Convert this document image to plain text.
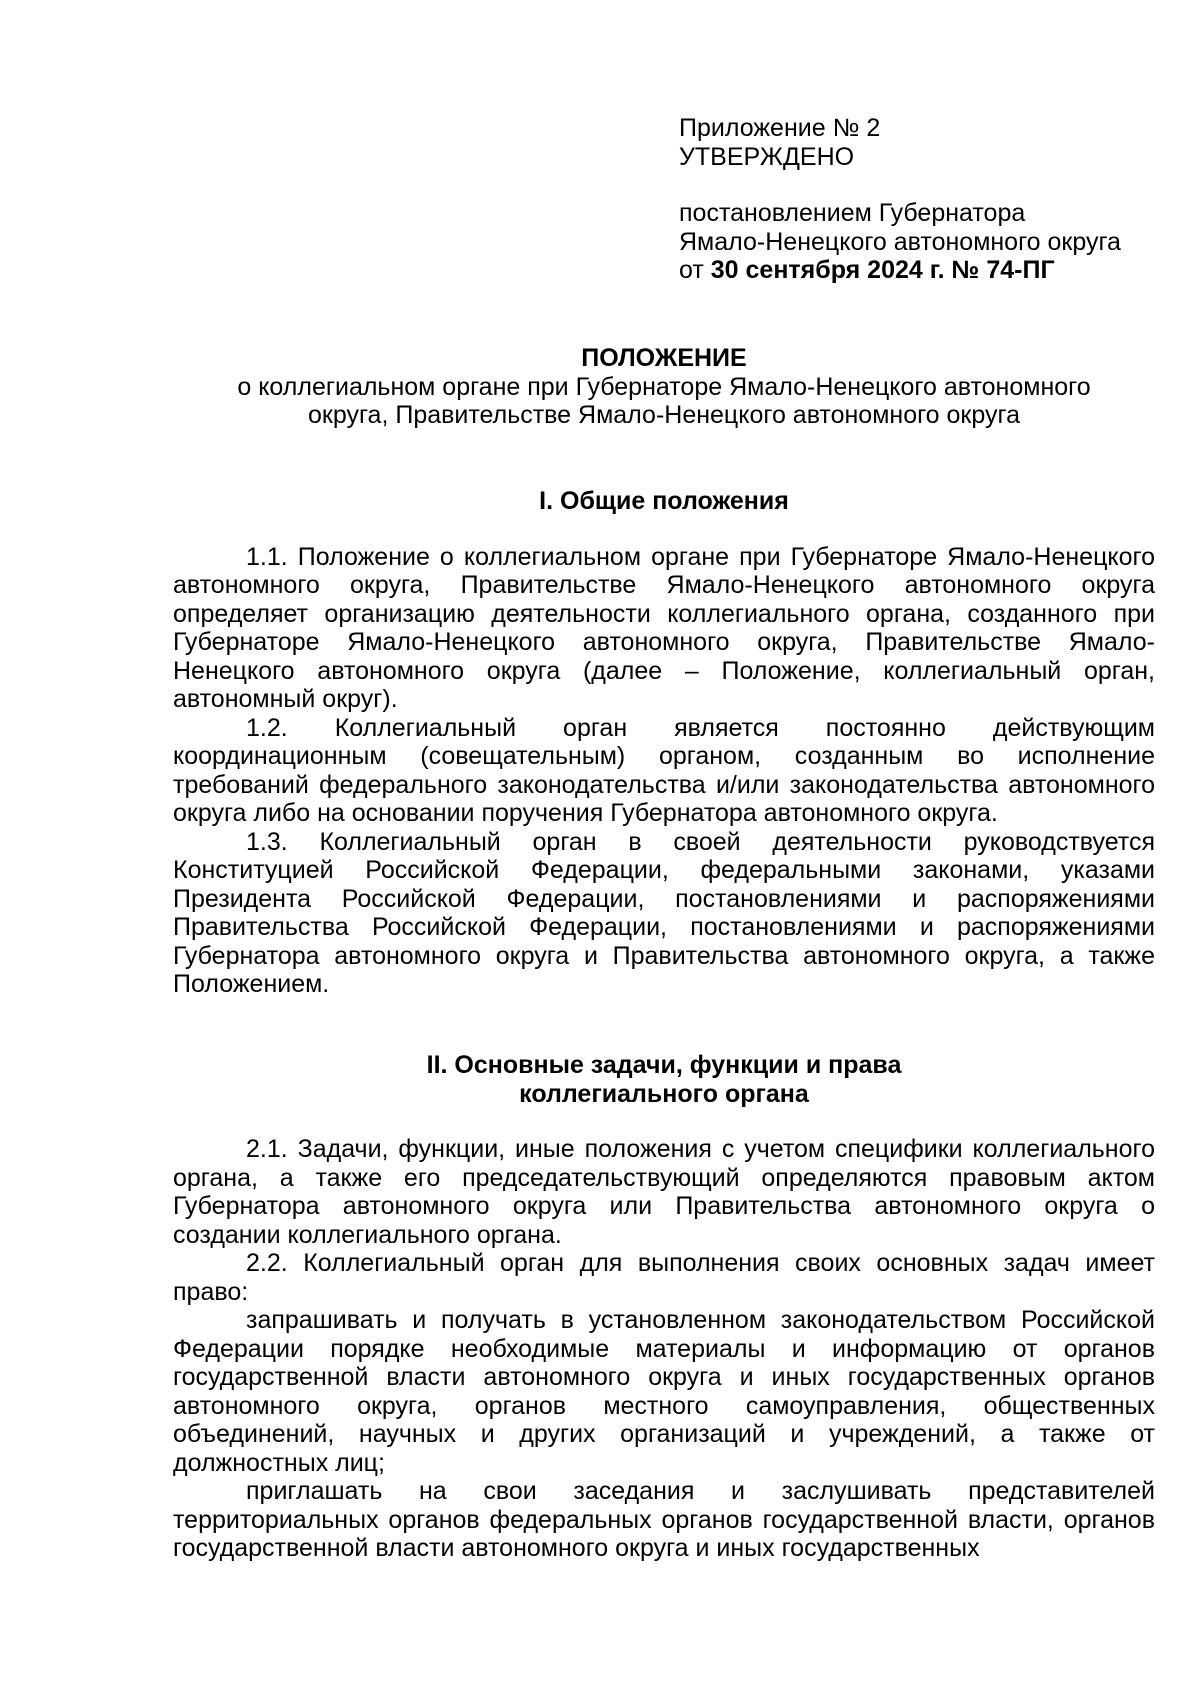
Приложение № 2
УТВЕРЖДЕНО
постановлением Губернатора
Ямало-Ненецкого автономного округа
от 30 сентября 2024 г. № 74-ПГ
ПОЛОЖЕНИЕ
о коллегиальном органе при Губернаторе Ямало-Ненецкого автономного
округа, Правительстве Ямало-Ненецкого автономного округа
I. Общие положения

1.1. Положение о коллегиальном органе при Губернаторе Ямало-Ненецкого автономного округа, Правительстве Ямало-Ненецкого автономного округа определяет организацию деятельности коллегиального органа, созданного при Губернаторе Ямало-Ненецкого автономного округа, Правительстве Ямало-Ненецкого автономного округа (далее – Положение, коллегиальный орган, автономный округ).

1.2. Коллегиальный орган является постоянно действующим координационным (совещательным) органом, созданным во исполнение требований федерального законодательства и/или законодательства автономного округа либо на основании поручения Губернатора автономного округа.

1.3. Коллегиальный орган в своей деятельности руководствуется Конституцией Российской Федерации, федеральными законами, указами Президента Российской Федерации, постановлениями и распоряжениями Правительства Российской Федерации, постановлениями и распоряжениями Губернатора автономного округа и Правительства автономного округа, а также Положением.

II. Основные задачи, функции и права
коллегиального органа

2.1. Задачи, функции, иные положения с учетом специфики коллегиального органа, а также его председательствующий определяются правовым актом Губернатора автономного округа или Правительства автономного округа о создании коллегиального органа.

2.2. Коллегиальный орган для выполнения своих основных задач имеет право:

запрашивать и получать в установленном законодательством Российской Федерации порядке необходимые материалы и информацию от органов государственной власти автономного округа и иных государственных органов автономного округа, органов местного самоуправления, общественных объединений, научных и других организаций и учреждений, а также от должностных лиц;

приглашать на свои заседания и заслушивать представителей территориальных органов федеральных органов государственной власти, органов государственной власти автономного округа и иных государственных
